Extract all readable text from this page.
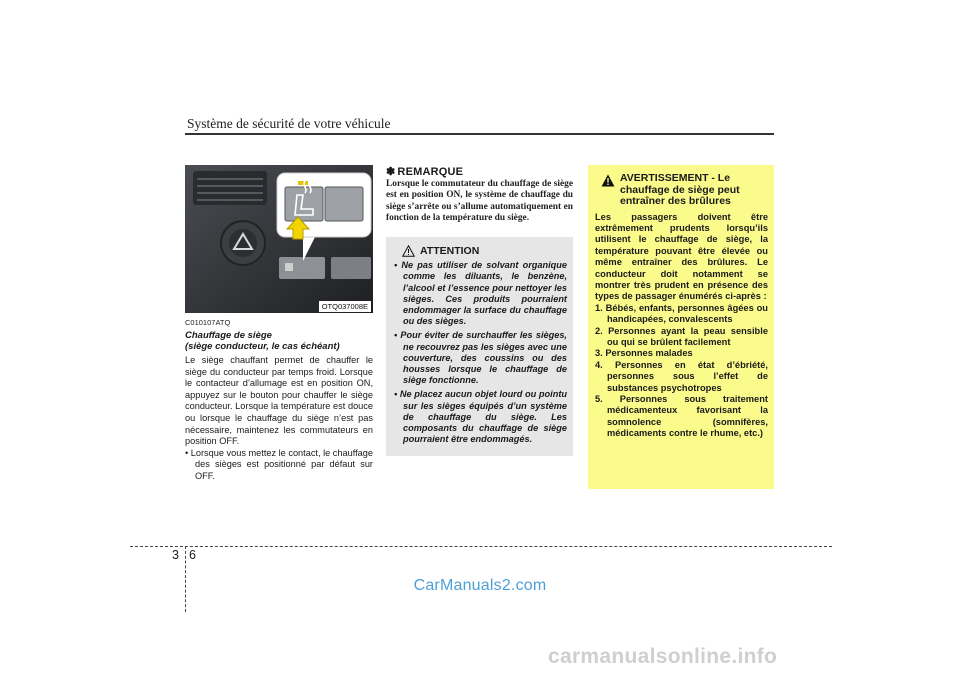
Système de sécurité de votre véhicule
OTQ037008E
C010107ATQ
Chauffage de siège
(siège conducteur, le cas échéant)
Le siège chauffant permet de chauffer le siège du conducteur par temps froid. Lorsque le contacteur d’allumage est en position ON, appuyez sur le bouton pour chauffer le siège conducteur. Lorsque la température est douce ou lorsque le chauffage du siège n’est pas nécessaire, maintenez les commutateurs en position OFF.
• Lorsque vous mettez le contact, le chauffage des sièges est positionné par défaut sur OFF.
✽ REMARQUE
Lorsque le commutateur du chauffage de siège est en position ON, le système de chauffage du siège s’arrête ou s’allume automatiquement en fonction de la température du siège.
ATTENTION
• Ne pas utiliser de solvant organique comme les diluants, le benzène, l’alcool et l’essence pour nettoyer les sièges. Ces produits pourraient endommager la surface du chauffage ou des sièges.
• Pour éviter de surchauffer les sièges, ne recouvrez pas les sièges avec une couverture, des coussins ou des housses lorsque le chauffage de siège fonctionne.
• Ne placez aucun objet lourd ou pointu sur les sièges équipés d’un système de chauffage du siège. Les composants du chauffage de siège pourraient être endommagés.
AVERTISSEMENT - Le chauffage de siège peut entraîner des brûlures
Les passagers doivent être extrêmement prudents lorsqu’ils utilisent le chauffage de siège, la température pouvant être élevée ou même entraîner des brûlures. Le conducteur doit notamment se montrer très prudent en présence des types de passager énumérés ci-après :
1. Bébés, enfants, personnes âgées ou handicapées, convalescents
2. Personnes ayant la peau sensible ou qui se brûlent facilement
3. Personnes malades
4. Personnes en état d’ébriété, personnes sous l’effet de substances psychotropes
5. Personnes sous traitement médicamenteux favorisant la somnolence (somnifères, médicaments contre le rhume, etc.)
3 6
CarManuals2.com
carmanualsonline.info
